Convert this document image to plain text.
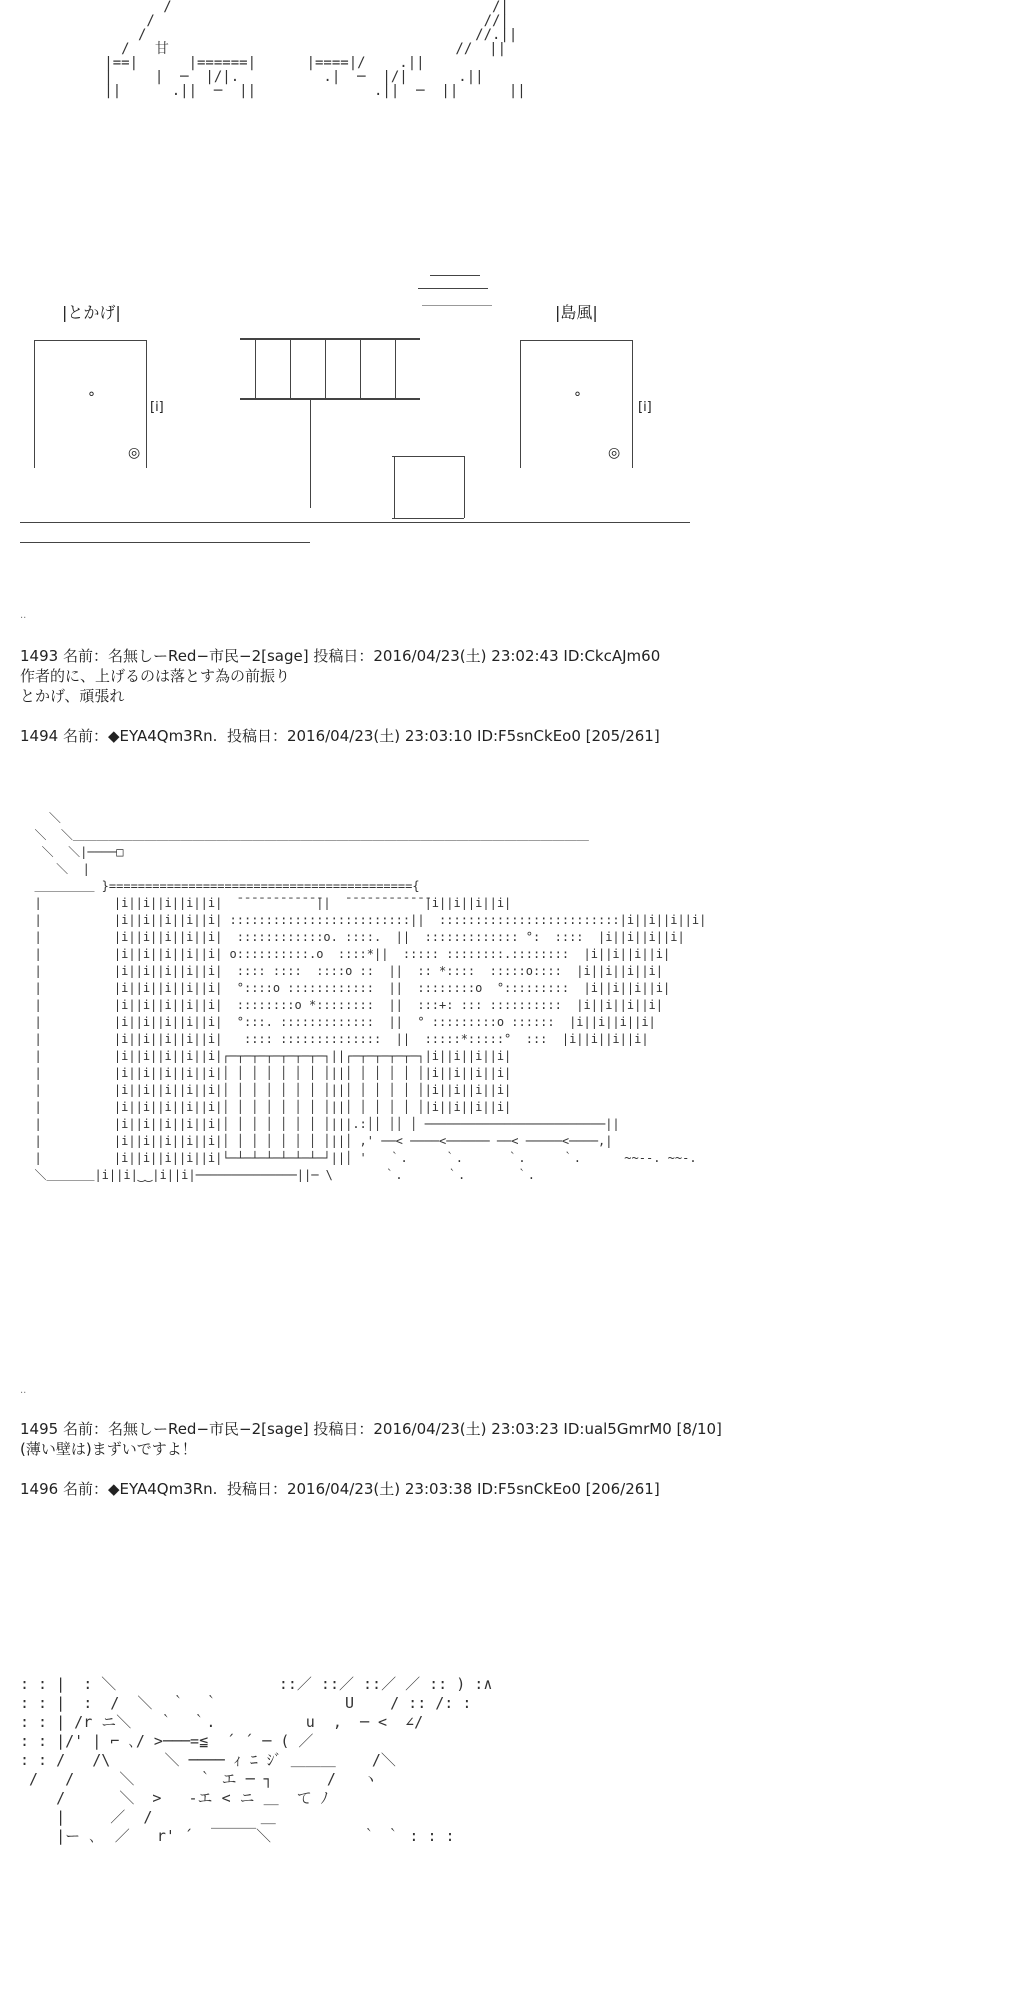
/                                      /|
/                                       //|
/                                       //.||
/   甘                                  //  ||
|==|      |======|      |====|/    .||
|     |  ─  |/|.          .|  ─  |/|      .||
||      .||  ─  ||              .||  ─  ||      ||
|とかげ|	|島風|
°
◎
[i]
°
◎
[i]
..
1493 名前：名無しーRed−市民−2[sage] 投稿日：2016/04/23(土) 23:02:43 ID:CkcAJm60
作者的に、上げるのは落とす為の前振り
とかげ、頑張れ
1494 名前：◆EYA4Qm3Rn.  投稿日：2016/04/23(土) 23:03:10 ID:F5snCkEo0 [205/261]
＼
＼  ＼＿＿＿＿＿＿＿＿＿＿＿＿＿＿＿＿＿＿＿＿＿＿＿＿＿＿＿＿＿＿＿＿＿＿＿＿＿＿＿＿＿＿＿
＼  ＼|────□
＼  |
＿＿＿＿＿ }=========================================={
|          |i||i||i||i||i|  ̄ ̄ ̄ ̄ ̄ ̄ ̄ ̄ ̄ ̄ ̄ ̄||  ̄ ̄ ̄ ̄ ̄ ̄ ̄ ̄ ̄ ̄ ̄ ̄|i||i||i||i|
|          |i||i||i||i||i| :::::::::::::::::::::::::||  :::::::::::::::::::::::::|i||i||i||i|
|          |i||i||i||i||i|  ::::::::::::o. ::::.  ||  ::::::::::::: °:  ::::  |i||i||i||i|
|          |i||i||i||i||i| o::::::::::.o  ::::*||  ::::: ::::::::.::::::::  |i||i||i||i|
|          |i||i||i||i||i|  :::: ::::  ::::o ::  ||  :: *::::  :::::o::::  |i||i||i||i|
|          |i||i||i||i||i|  °::::o ::::::::::::  ||  ::::::::o  °:::::::::  |i||i||i||i|
|          |i||i||i||i||i|  ::::::::o *::::::::  ||  :::+: ::: ::::::::::  |i||i||i||i|
|          |i||i||i||i||i|  °:::. :::::::::::::  ||  ° :::::::::o ::::::  |i||i||i||i|
|          |i||i||i||i||i|   :::: ::::::::::::::  ||  :::::*:::::°  :::  |i||i||i||i|
|          |i||i||i||i||i|┌─┬─┬─┬─┬─┬─┬─┐||┌─┬─┬─┬─┬─┐|i||i||i||i|
|          |i||i||i||i||i|│ │ │ │ │ │ │ │||│ │ │ │ │ │|i||i||i||i|
|          |i||i||i||i||i|│ │ │ │ │ │ │ │||│ │ │ │ │ │|i||i||i||i|
|          |i||i||i||i||i|│ │ │ │ │ │ │ │||│ │ │ │ │ │|i||i||i||i|
|          |i||i||i||i||i|│ │ │ │ │ │ │ │|||.:││ ││ │ ─────────────────────────||
|          |i||i||i||i||i|│ │ │ │ │ │ │ │||│ ,' ──< ────<────── ──< ─────<────,|
|          |i||i||i||i||i|└─┴─┴─┴─┴─┴─┴─┘||│ '   ｀.     ｀.      ｀.     ｀.      ~~--. ~~-.
＼＿＿＿＿|i||i|‿‿|i||i|──────────────||─ \       ｀.      ｀.       ｀.
..
1495 名前：名無しーRed−市民−2[sage] 投稿日：2016/04/23(土) 23:03:23 ID:ual5GmrM0 [8/10]
(薄い壁は)まずいですよ！
1496 名前：◆EYA4Qm3Rn.  投稿日：2016/04/23(土) 23:03:38 ID:F5snCkEo0 [206/261]
: : |  : ＼                  ::／ ::／ ::／ ／ :: ) :∧
: : |  :  /  ＼  ｀  ｀              U    / :: /: :
: : | /r ニ＼   ｀  ｀.          u  ,  ─ <  ∠/
: : |/' | ⌐ ､/ >───=≦  ´ ´ ─ ( ／
: : /   /\      ＼ ──── ｨ ﾆ ｼﾞ ＿＿＿    /＼
/   /     ＼       ｀ エ ─ ┐      /   ヽ
/      ＼  >   -エ < ニ ＿  て ﾉ
|     ／  /            ＿
|ー ､  ／   r' ´  ￣￣￣＼          ｀ ｀ : : :
